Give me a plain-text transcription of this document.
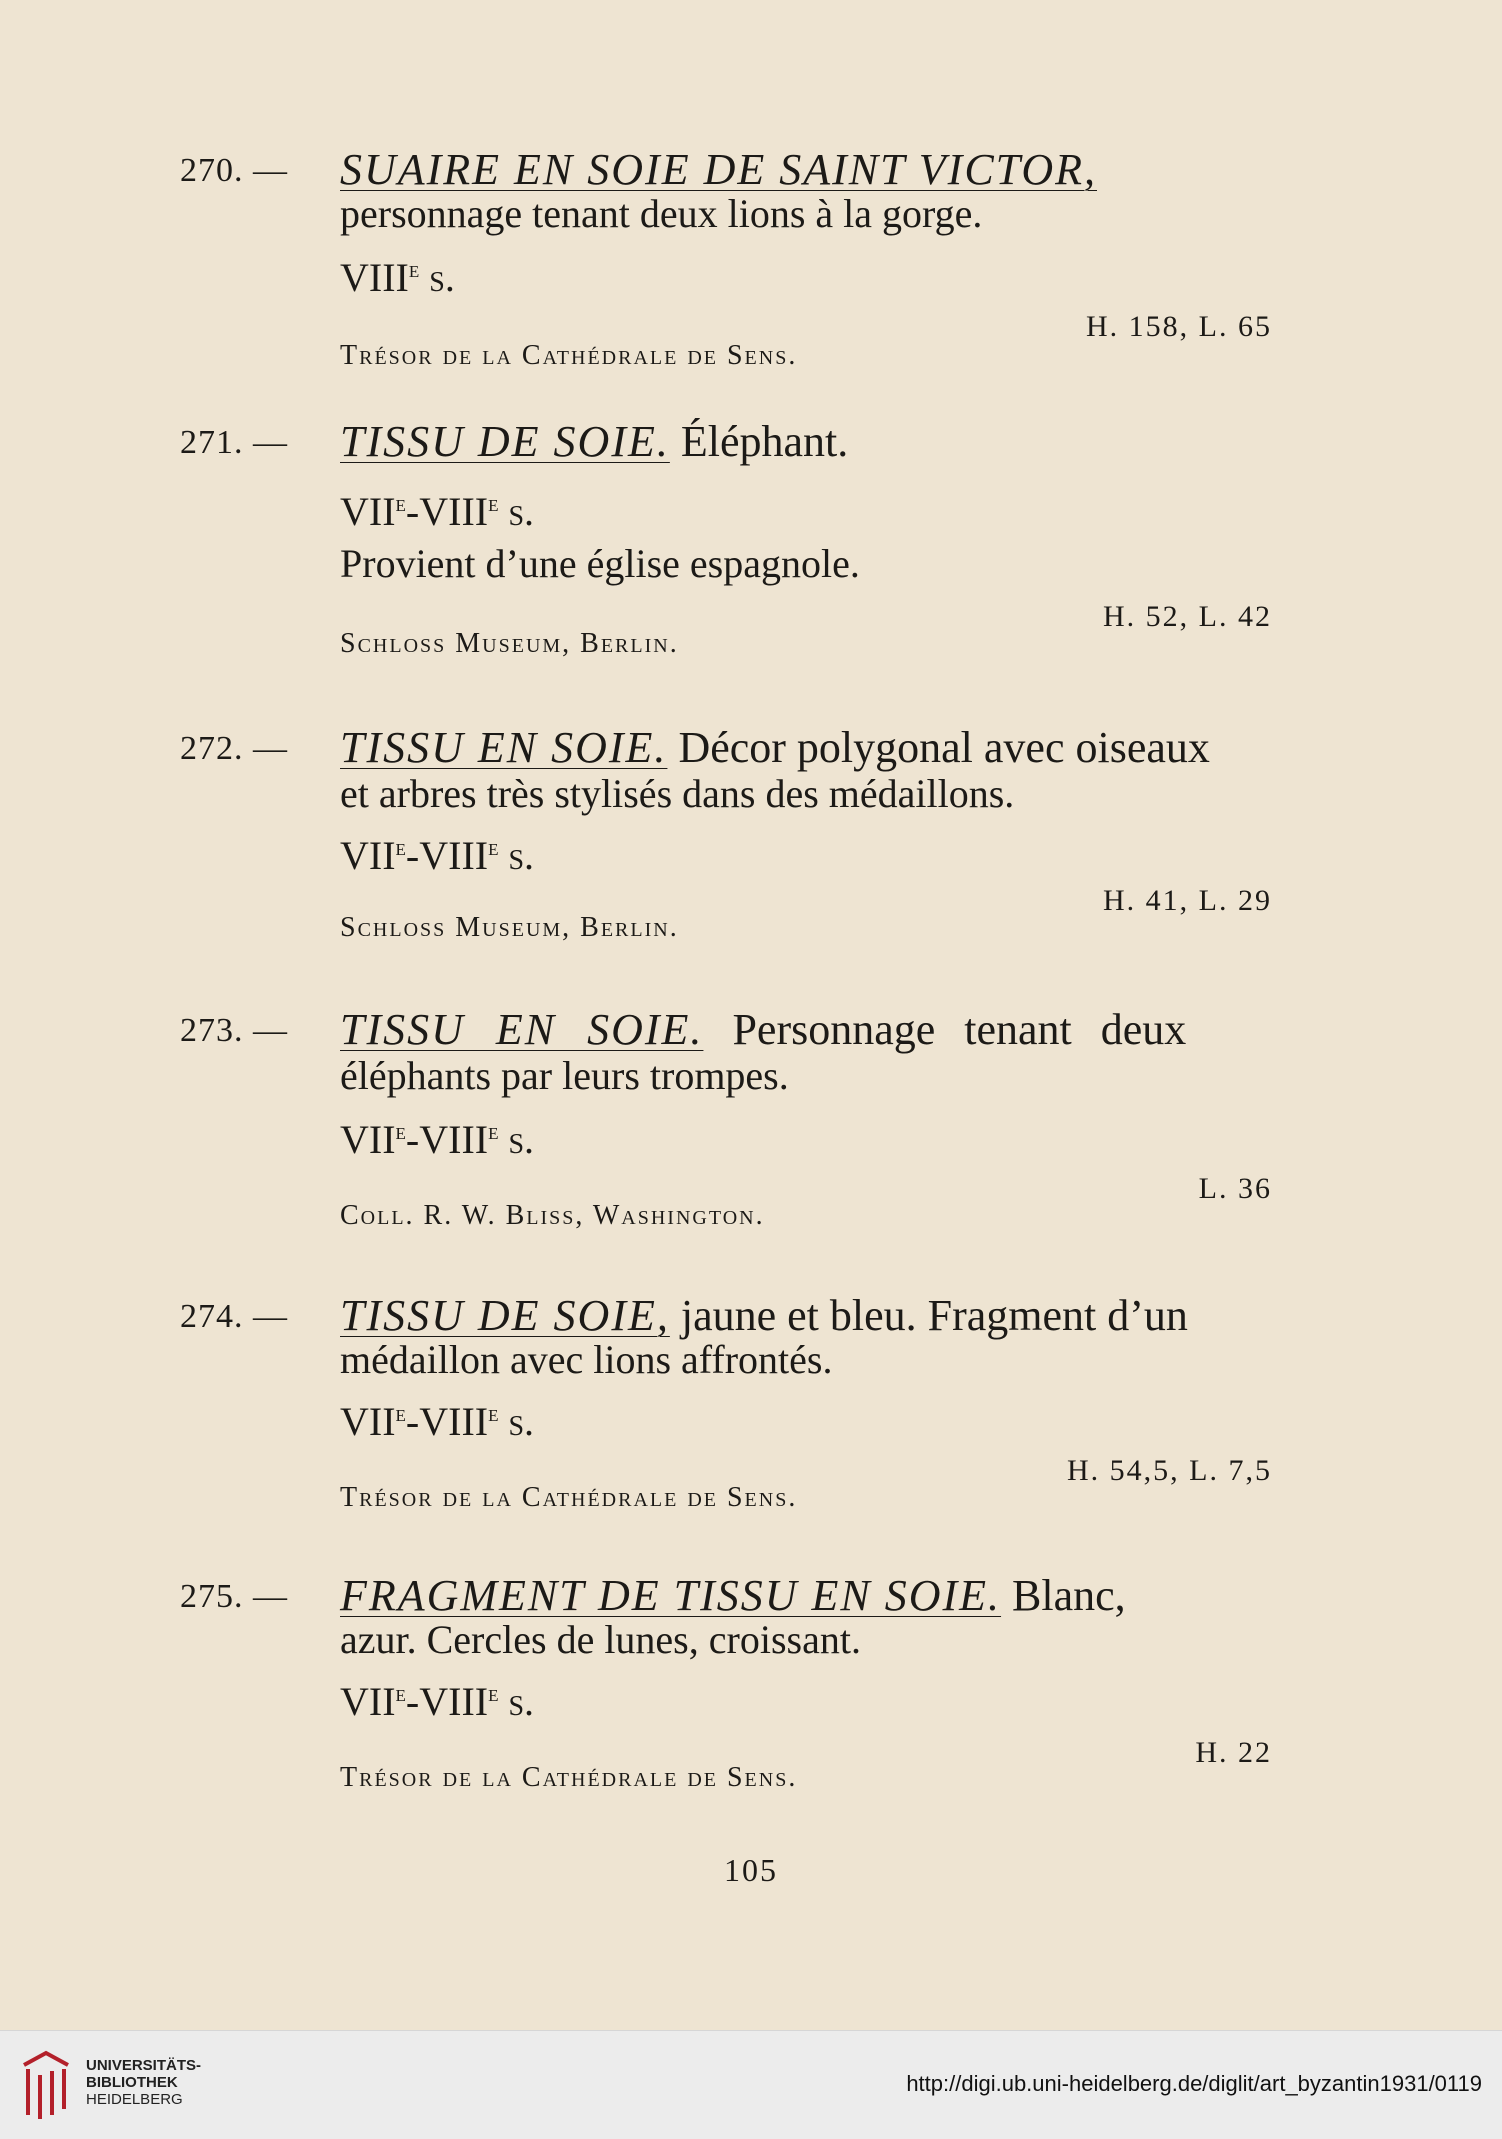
270. — SUAIRE EN SOIE DE SAINT VICTOR,
personnage tenant deux lions à la gorge.
VIIIe s.
H. 158, L. 65
Trésor de la Cathédrale de Sens.
271. — TISSU DE SOIE. Éléphant.
VIIe-VIIIe s.
Provient d’une église espagnole.
H. 52, L. 42
Schloss Museum, Berlin.
272. — TISSU EN SOIE. Décor polygonal avec oiseaux
et arbres très stylisés dans des médaillons.
VIIe-VIIIe s.
H. 41, L. 29
Schloss Museum, Berlin.
273. — TISSU EN SOIE. Personnage tenant deux
éléphants par leurs trompes.
VIIe-VIIIe s.
L. 36
Coll. R. W. Bliss, Washington.
274. — TISSU DE SOIE, jaune et bleu. Fragment d’un
médaillon avec lions affrontés.
VIIe-VIIIe s.
H. 54,5, L. 7,5
Trésor de la Cathédrale de Sens.
275. — FRAGMENT DE TISSU EN SOIE. Blanc,
azur. Cercles de lunes, croissant.
VIIe-VIIIe s.
H. 22
Trésor de la Cathédrale de Sens.
105
UNIVERSITÄTS-
BIBLIOTHEK
HEIDELBERG
http://digi.ub.uni-heidelberg.de/diglit/art_byzantin1931/0119
